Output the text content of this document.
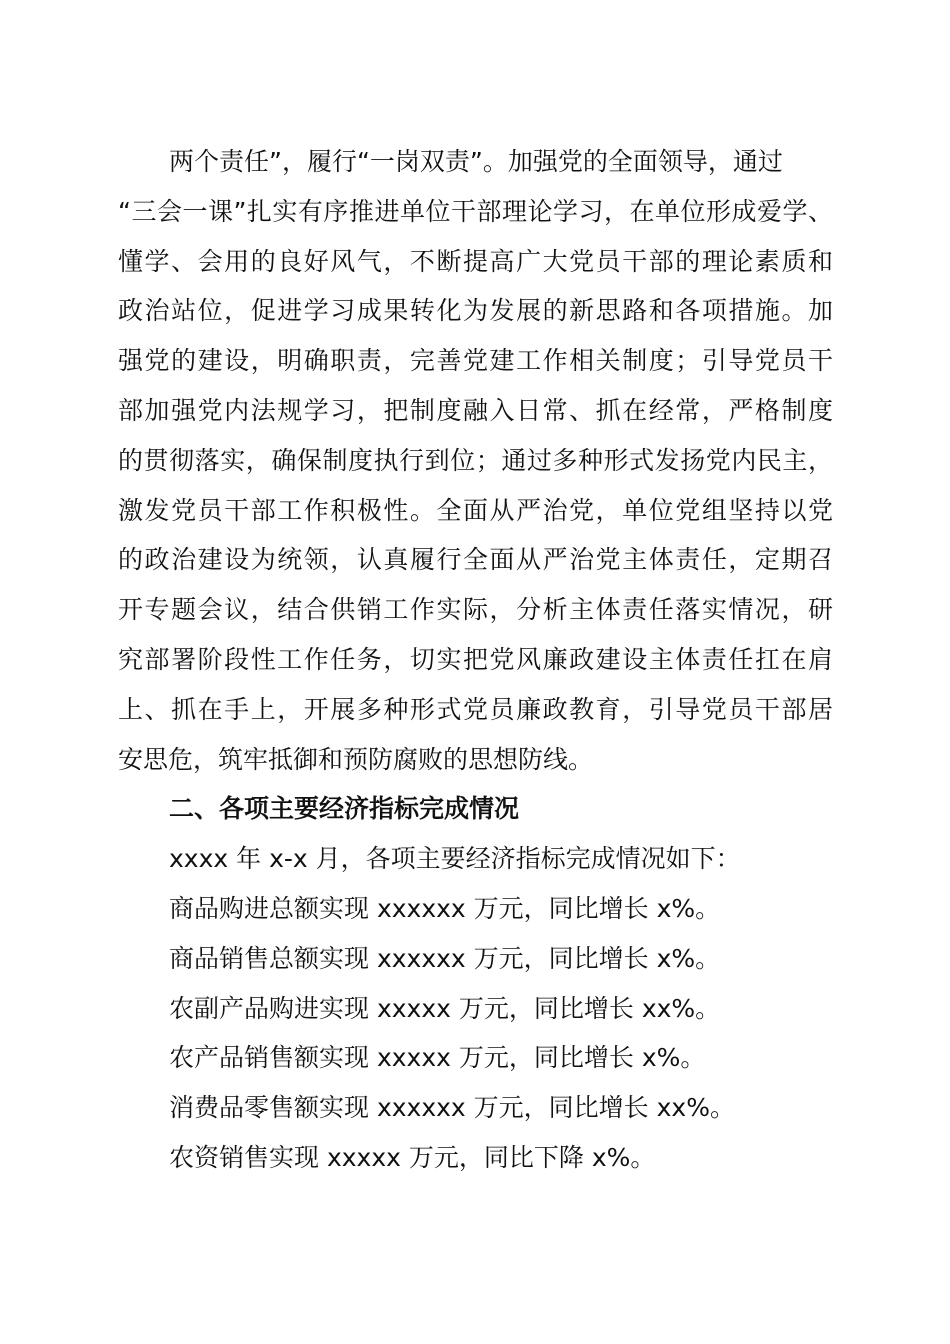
两个责任”，履行“一岗双责”。加强党的全面领导，通过
“三会一课”扎实有序推进单位干部理论学习，在单位形成爱学、
懂学、会用的良好风气，不断提高广大党员干部的理论素质和
政治站位，促进学习成果转化为发展的新思路和各项措施。加
强党的建设，明确职责，完善党建工作相关制度；引导党员干
部加强党内法规学习，把制度融入日常、抓在经常，严格制度
的贯彻落实，确保制度执行到位；通过多种形式发扬党内民主，
激发党员干部工作积极性。全面从严治党，单位党组坚持以党
的政治建设为统领，认真履行全面从严治党主体责任，定期召
开专题会议，结合供销工作实际，分析主体责任落实情况，研
究部署阶段性工作任务，切实把党风廉政建设主体责任扛在肩
上、抓在手上，开展多种形式党员廉政教育，引导党员干部居
安思危，筑牢抵御和预防腐败的思想防线。
二、各项主要经济指标完成情况
xxxx 年 x-x 月，各项主要经济指标完成情况如下：
商品购进总额实现 xxxxxx 万元，同比增长 x%。
商品销售总额实现 xxxxxx 万元，同比增长 x%。
农副产品购进实现 xxxxx 万元，同比增长 xx%。
农产品销售额实现 xxxxx 万元，同比增长 x%。
消费品零售额实现 xxxxxx 万元，同比增长 xx%。
农资销售实现 xxxxx 万元，同比下降 x%。
